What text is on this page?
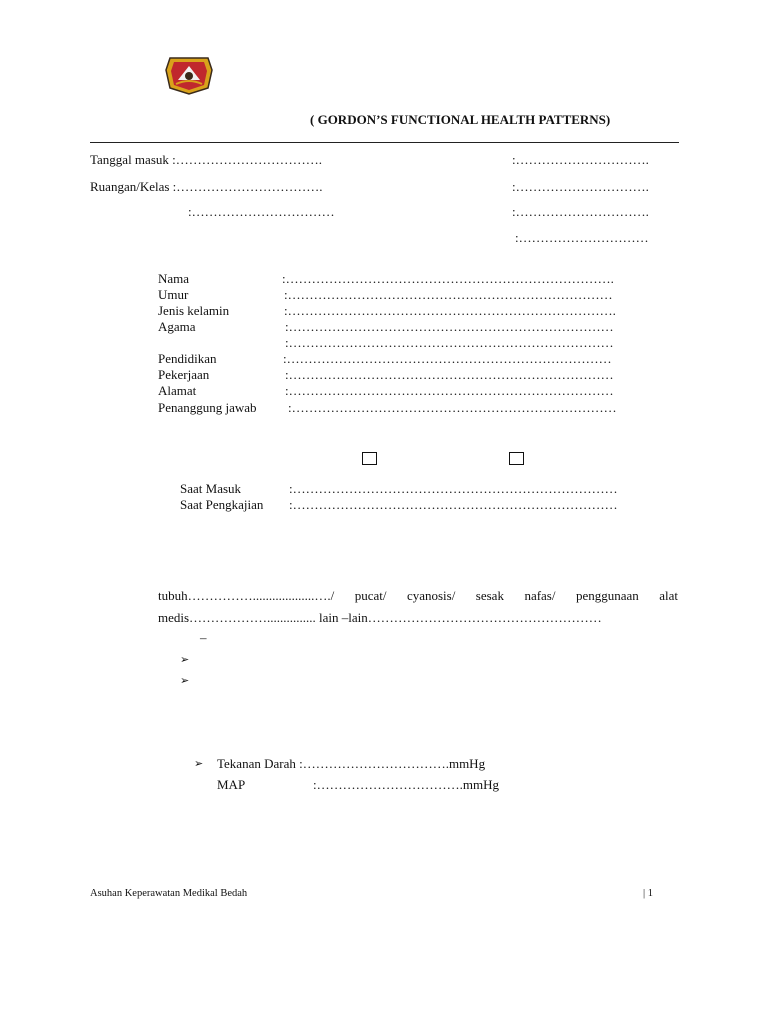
( GORDON’S FUNCTIONAL HEALTH PATTERNS)
Tanggal masuk :…………………………….	:………………………….
Ruangan/Kelas :…………………………….	:………………………….
:……………………………	:………………………….
:…………………………
Nama	:………………………………………………………………….
Umur	:…………………………………………………………………
Jenis kelamin	:………………………………………………………………….
Agama	:…………………………………………………………………
:…………………………………………………………………
Pendidikan	:…………………………………………………………………
Pekerjaan	:…………………………………………………………………
Alamat	:…………………………………………………………………
Penanggung jawab :…………………………………………………………………
Saat Masuk	:…………………………………………………………………
Saat Pengkajian :…………………………………………………………………
tubuh……………...................…./ pucat/ cyanosis/ sesak nafas/ penggunaan alat
medis………………............... lain –lain………………………………………………
–
➢
➢
➢ Tekanan Darah :…………………………….mmHg
MAP	:…………………………….mmHg
Asuhan Keperawatan Medikal Bedah	| 1
